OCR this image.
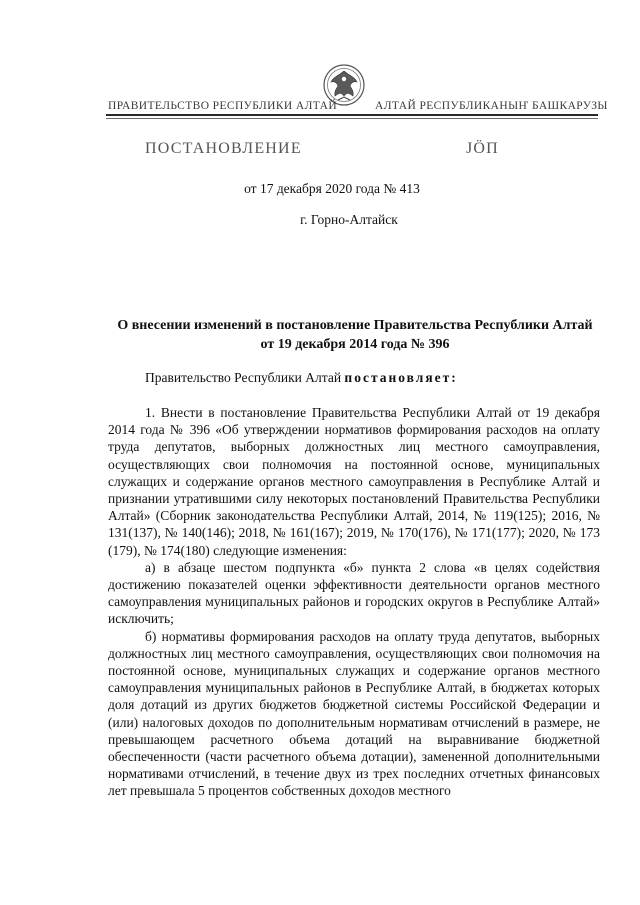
ПРАВИТЕЛЬСТВО РЕСПУБЛИКИ АЛТАЙ	АЛТАЙ РЕСПУБЛИКАНЫҤ БАШКАРУЗЫ
ПОСТАНОВЛЕНИЕ	ЈÖП
от 17 декабря 2020 года № 413
г. Горно-Алтайск
О внесении изменений в постановление Правительства Республики Алтай от 19 декабря 2014 года № 396
Правительство Республики Алтай постановляет:

1. Внести в постановление Правительства Республики Алтай от 19 декабря 2014 года № 396 «Об утверждении нормативов формирования расходов на оплату труда депутатов, выборных должностных лиц местного самоуправления, осуществляющих свои полномочия на постоянной основе, муниципальных служащих и содержание органов местного самоуправления в Республике Алтай и признании утратившими силу некоторых постановлений Правительства Республики Алтай» (Сборник законодательства Республики Алтай, 2014, № 119(125); 2016, № 131(137), № 140(146); 2018, № 161(167); 2019, № 170(176), № 171(177); 2020, № 173 (179), № 174(180) следующие изменения:

а) в абзаце шестом подпункта «б» пункта 2 слова «в целях содействия достижению показателей оценки эффективности деятельности органов местного самоуправления муниципальных районов и городских округов в Республике Алтай» исключить;

б) нормативы формирования расходов на оплату труда депутатов, выборных должностных лиц местного самоуправления, осуществляющих свои полномочия на постоянной основе, муниципальных служащих и содержание органов местного самоуправления муниципальных районов в Республике Алтай, в бюджетах которых доля дотаций из других бюджетов бюджетной системы Российской Федерации и (или) налоговых доходов по дополнительным нормативам отчислений в размере, не превышающем расчетного объема дотаций на выравнивание бюджетной обеспеченности (части расчетного объема дотации), замененной дополнительными нормативами отчислений, в течение двух из трех последних отчетных финансовых лет превышала 5 процентов собственных доходов местного
